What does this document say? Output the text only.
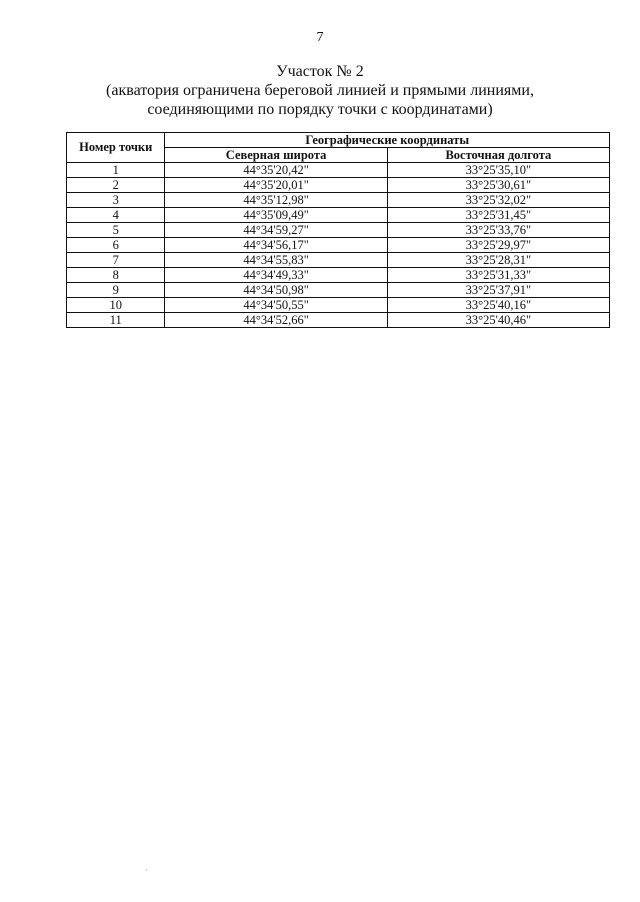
7
Участок № 2
(акватория ограничена береговой линией и прямыми линиями,
соединяющими по порядку точки с координатами)
Номер точки	Географические координаты	
	Северная широта	Восточная долгота
1	44°35'20,42"	33°25'35,10"
2	44°35'20,01"	33°25'30,61"
3	44°35'12,98"	33°25'32,02"
4	44°35'09,49"	33°25'31,45"
5	44°34'59,27"	33°25'33,76"
6	44°34'56,17"	33°25'29,97"
7	44°34'55,83"	33°25'28,31"
8	44°34'49,33"	33°25'31,33"
9	44°34'50,98"	33°25'37,91"
10	44°34'50,55"	33°25'40,16"
11	44°34'52,66"	33°25'40,46"
·
